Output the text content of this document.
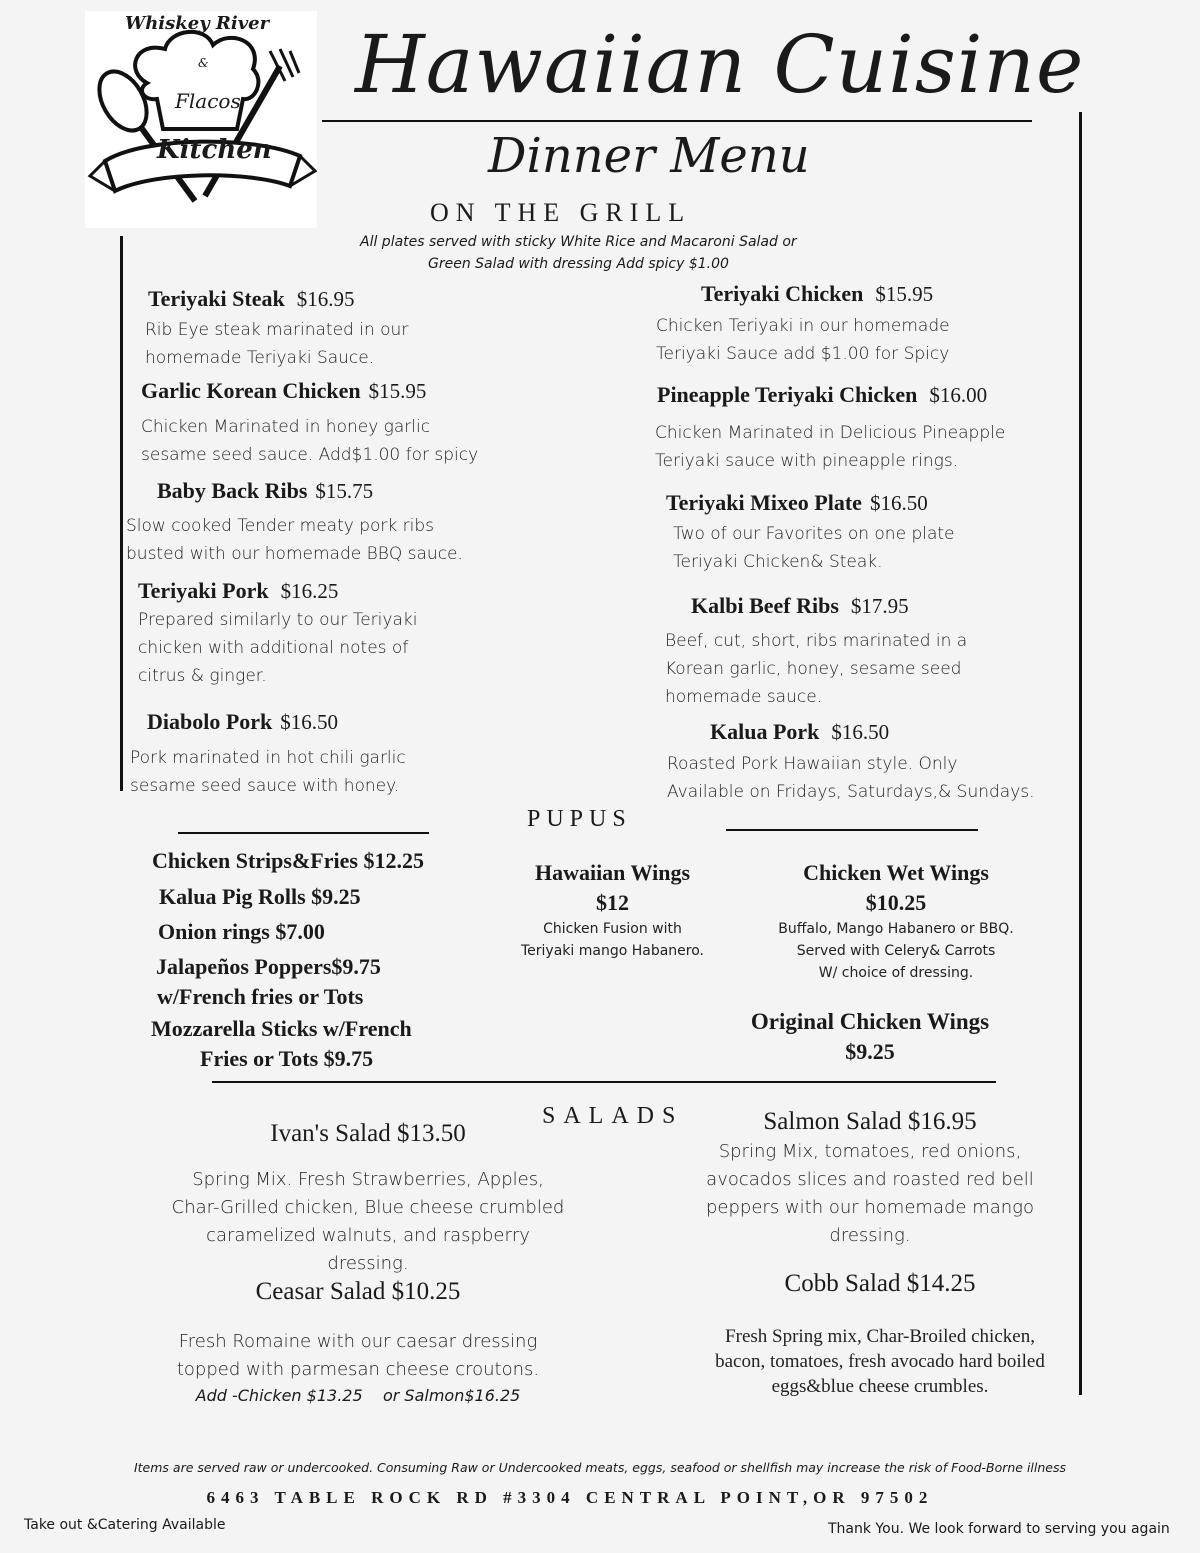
Whiskey River
&
Flacos
Kitchen
Hawaiian Cuisine
Dinner Menu
ON THE GRILL
All plates served with sticky White Rice and Macaroni Salad or
Green Salad with dressing Add spicy $1.00
Teriyaki Steak $16.95
Rib Eye steak marinated in our
homemade Teriyaki Sauce.
Garlic Korean Chicken $15.95
Chicken Marinated in honey garlic
sesame seed sauce. Add$1.00 for spicy
Baby Back Ribs $15.75
Slow cooked Tender meaty pork ribs
busted with our homemade BBQ sauce.
Teriyaki Pork $16.25
Prepared similarly to our Teriyaki
chicken with additional notes of
citrus & ginger.
Diabolo Pork $16.50
Pork marinated in hot chili garlic
sesame seed sauce with honey.
Teriyaki Chicken $15.95
Chicken Teriyaki in our homemade
Teriyaki Sauce add $1.00 for Spicy
Pineapple Teriyaki Chicken $16.00
Chicken Marinated in Delicious Pineapple
Teriyaki sauce with pineapple rings.
Teriyaki Mixeo Plate $16.50
Two of our Favorites on one plate
Teriyaki Chicken& Steak.
Kalbi Beef Ribs $17.95
Beef, cut, short, ribs marinated in a
Korean garlic, honey, sesame seed
homemade sauce.
Kalua Pork $16.50
Roasted Pork Hawaiian style. Only
Available on Fridays, Saturdays,& Sundays.
PUPUS
Chicken Strips&Fries $12.25
Kalua Pig Rolls $9.25
Onion rings $7.00
Jalapeños Poppers$9.75
w/French fries or Tots
Mozzarella Sticks w/French
Fries or Tots $9.75
Hawaiian Wings
$12
Chicken Fusion with
Teriyaki mango Habanero.
Chicken Wet Wings
$10.25
Buffalo, Mango Habanero or BBQ.
Served with Celery& Carrots
W/ choice of dressing.
Original Chicken Wings
$9.25
SALADS
Ivan's Salad $13.50
Spring Mix. Fresh Strawberries, Apples,
Char-Grilled chicken, Blue cheese crumbled
caramelized walnuts, and raspberry
dressing.
Ceasar Salad $10.25
Fresh Romaine with our caesar dressing
topped with parmesan cheese croutons.
Add -Chicken $13.25    or Salmon$16.25
Salmon Salad $16.95
Spring Mix, tomatoes, red onions,
avocados slices and roasted red bell
peppers with our homemade mango
dressing.
Cobb Salad $14.25
Fresh Spring mix, Char-Broiled chicken,
bacon, tomatoes, fresh avocado hard boiled
eggs&blue cheese crumbles.
Items are served raw or undercooked. Consuming Raw or Undercooked meats, eggs, seafood or shellfish may increase the risk of Food-Borne illness
6463 TABLE ROCK RD #3304 CENTRAL POINT,OR 97502
Take out &Catering Available	Thank You. We look forward to serving you again
